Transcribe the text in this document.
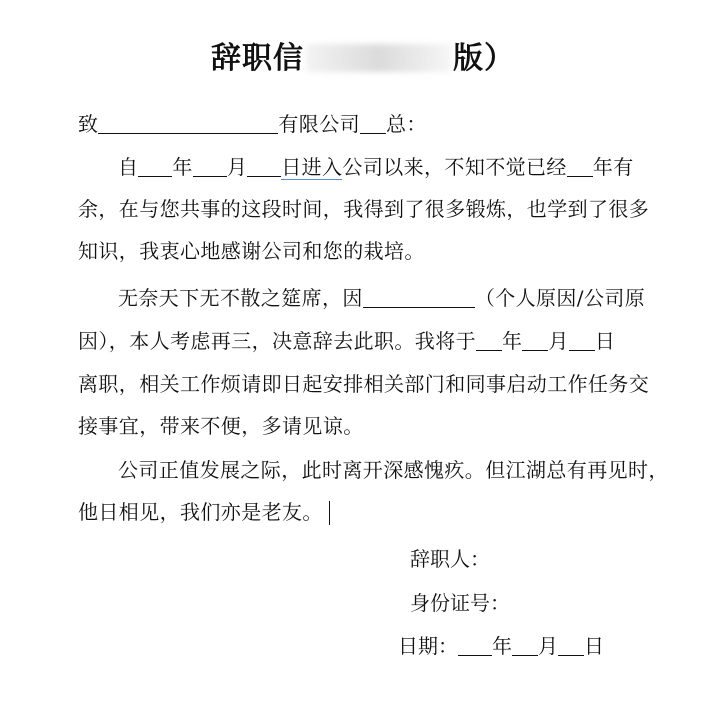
辞职信	版）
致	有限公司 总：
自 年 月 日进入公司以来，不知不觉已经 年有
余，在与您共事的这段时间，我得到了很多锻炼，也学到了很多
知识，我衷心地感谢公司和您的栽培。
无奈天下无不散之筵席，因	（个人原因/公司原
因），本人考虑再三，决意辞去此职。我将于 年 月 日
离职，相关工作烦请即日起安排相关部门和同事启动工作任务交
接事宜，带来不便，多请见谅。
公司正值发展之际，此时离开深感愧疚。但江湖总有再见时，
他日相见，我们亦是老友。
辞职人：
身份证号：
日期： 年 月 日
